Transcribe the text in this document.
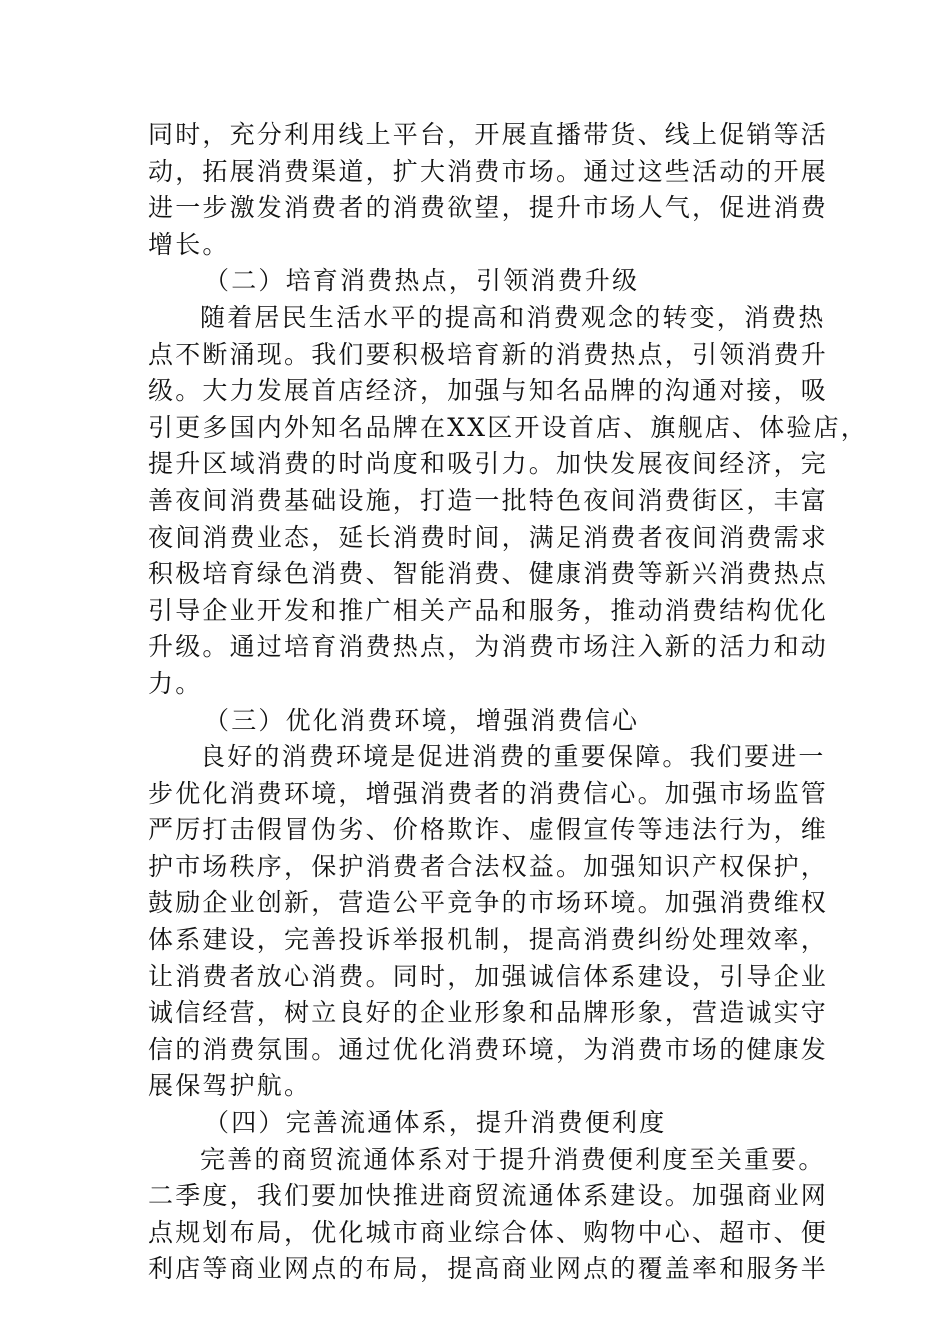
同时，充分利用线上平台，开展直播带货、线上促销等活
动，拓展消费渠道，扩大消费市场。通过这些活动的开展
进一步激发消费者的消费欲望，提升市场人气，促进消费
增长。
（二）培育消费热点，引领消费升级
随着居民生活水平的提高和消费观念的转变，消费热
点不断涌现。我们要积极培育新的消费热点，引领消费升
级。大力发展首店经济，加强与知名品牌的沟通对接，吸
引更多国内外知名品牌在XX区开设首店、旗舰店、体验店，
提升区域消费的时尚度和吸引力。加快发展夜间经济，完
善夜间消费基础设施，打造一批特色夜间消费街区，丰富
夜间消费业态，延长消费时间，满足消费者夜间消费需求
积极培育绿色消费、智能消费、健康消费等新兴消费热点
引导企业开发和推广相关产品和服务，推动消费结构优化
升级。通过培育消费热点，为消费市场注入新的活力和动
力。
（三）优化消费环境，增强消费信心
良好的消费环境是促进消费的重要保障。我们要进一
步优化消费环境，增强消费者的消费信心。加强市场监管
严厉打击假冒伪劣、价格欺诈、虚假宣传等违法行为，维
护市场秩序，保护消费者合法权益。加强知识产权保护，
鼓励企业创新，营造公平竞争的市场环境。加强消费维权
体系建设，完善投诉举报机制，提高消费纠纷处理效率，
让消费者放心消费。同时，加强诚信体系建设，引导企业
诚信经营，树立良好的企业形象和品牌形象，营造诚实守
信的消费氛围。通过优化消费环境，为消费市场的健康发
展保驾护航。
（四）完善流通体系，提升消费便利度
完善的商贸流通体系对于提升消费便利度至关重要。
二季度，我们要加快推进商贸流通体系建设。加强商业网
点规划布局，优化城市商业综合体、购物中心、超市、便
利店等商业网点的布局，提高商业网点的覆盖率和服务半
